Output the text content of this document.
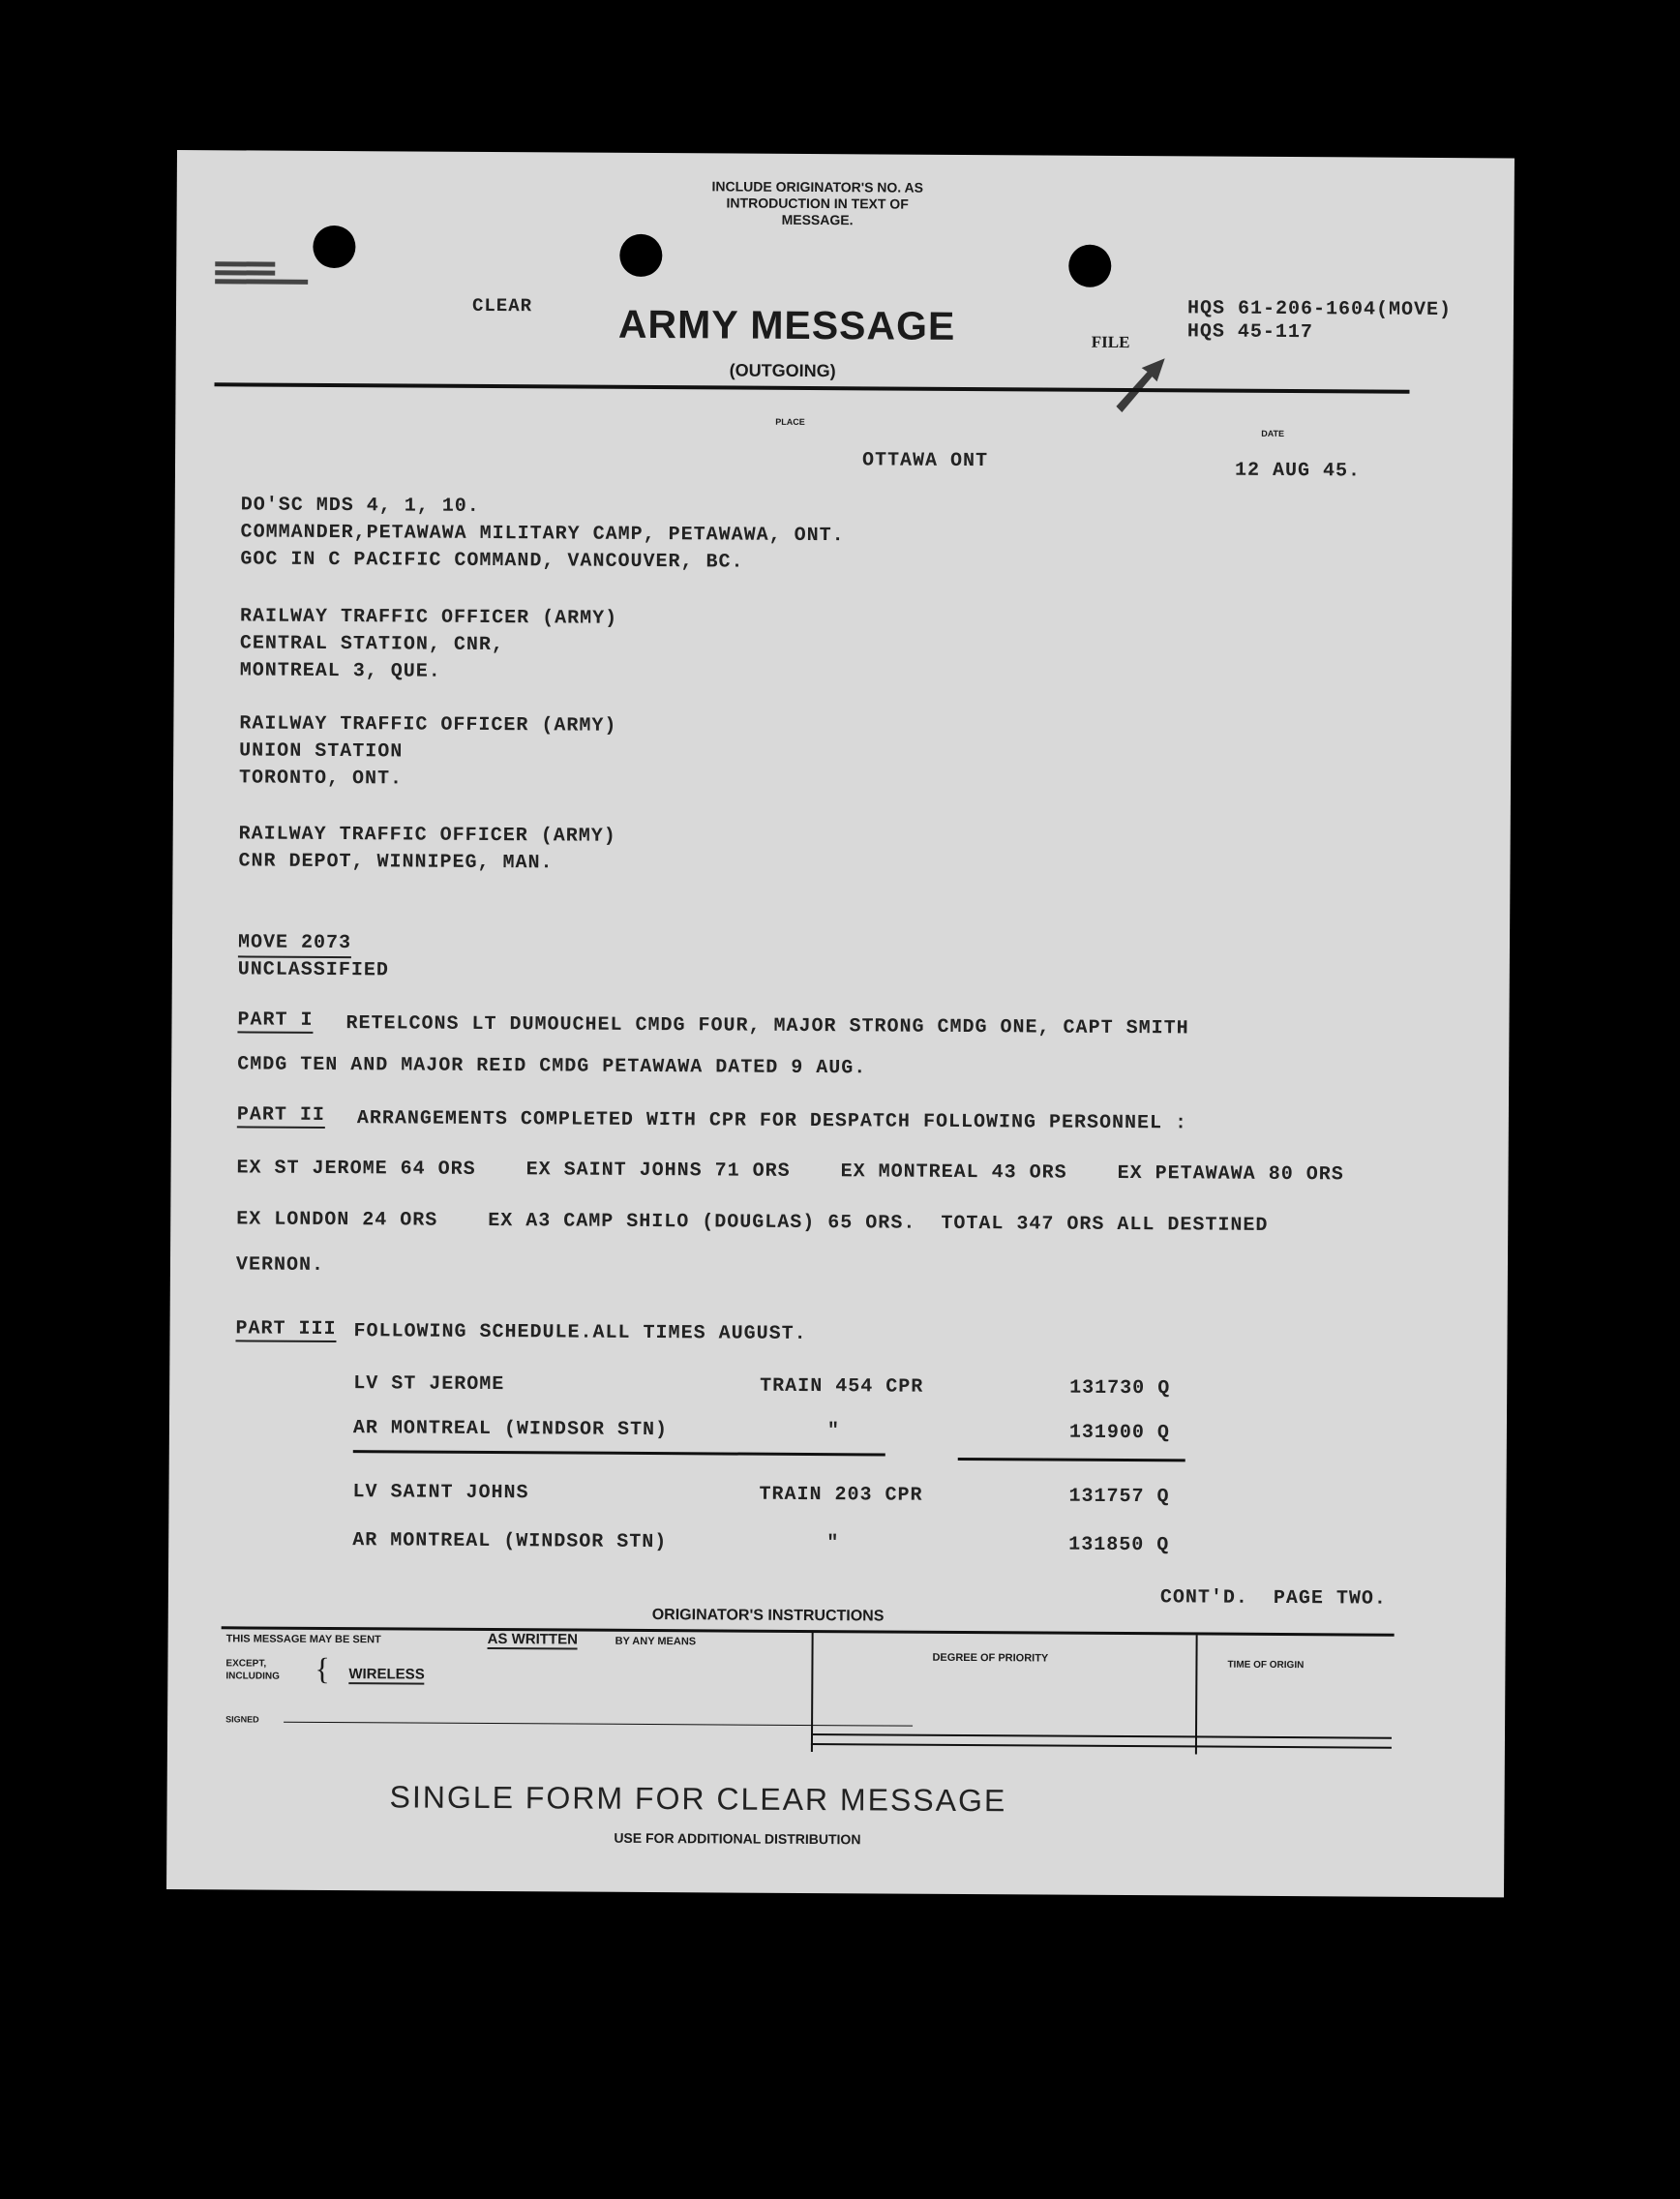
INCLUDE ORIGINATOR'S NO. AS
INTRODUCTION IN TEXT OF
MESSAGE.
CLEAR ARMY MESSAGE
(OUTGOING)
FILE
HQS 61-206-1604(MOVE)
HQS 45-117
PLACE
DATE
OTTAWA ONT	12 AUG 45.
DO'SC MDS 4, 1, 10.
COMMANDER,PETAWAWA MILITARY CAMP, PETAWAWA, ONT.
GOC IN C PACIFIC COMMAND, VANCOUVER, BC.
RAILWAY TRAFFIC OFFICER (ARMY)
CENTRAL STATION, CNR,
MONTREAL 3, QUE.
RAILWAY TRAFFIC OFFICER (ARMY)
UNION STATION
TORONTO, ONT.
RAILWAY TRAFFIC OFFICER (ARMY)
CNR DEPOT, WINNIPEG, MAN.
MOVE 2073
UNCLASSIFIED
PART I RETELCONS LT DUMOUCHEL CMDG FOUR, MAJOR STRONG CMDG ONE, CAPT SMITH
CMDG TEN AND MAJOR REID CMDG PETAWAWA DATED 9 AUG.
PART II ARRANGEMENTS COMPLETED WITH CPR FOR DESPATCH FOLLOWING PERSONNEL :
EX ST JEROME 64 ORS    EX SAINT JOHNS 71 ORS    EX MONTREAL 43 ORS    EX PETAWAWA 80 ORS
EX LONDON 24 ORS    EX A3 CAMP SHILO (DOUGLAS) 65 ORS.  TOTAL 347 ORS ALL DESTINED
VERNON.
PART III FOLLOWING SCHEDULE.ALL TIMES AUGUST.
LV ST JEROME	TRAIN 454 CPR	131730 Q
AR MONTREAL (WINDSOR STN)	"	131900 Q
LV SAINT JOHNS	TRAIN 203 CPR	131757 Q
AR MONTREAL (WINDSOR STN)	"	131850 Q
CONT'D.  PAGE TWO.
ORIGINATOR'S INSTRUCTIONS
THIS MESSAGE MAY BE SENT	AS WRITTEN	BY ANY MEANS
EXCEPT,
INCLUDING { WIRELESS
SIGNED
DEGREE OF PRIORITY
TIME OF ORIGIN
SINGLE FORM FOR CLEAR MESSAGE
USE FOR ADDITIONAL DISTRIBUTION
